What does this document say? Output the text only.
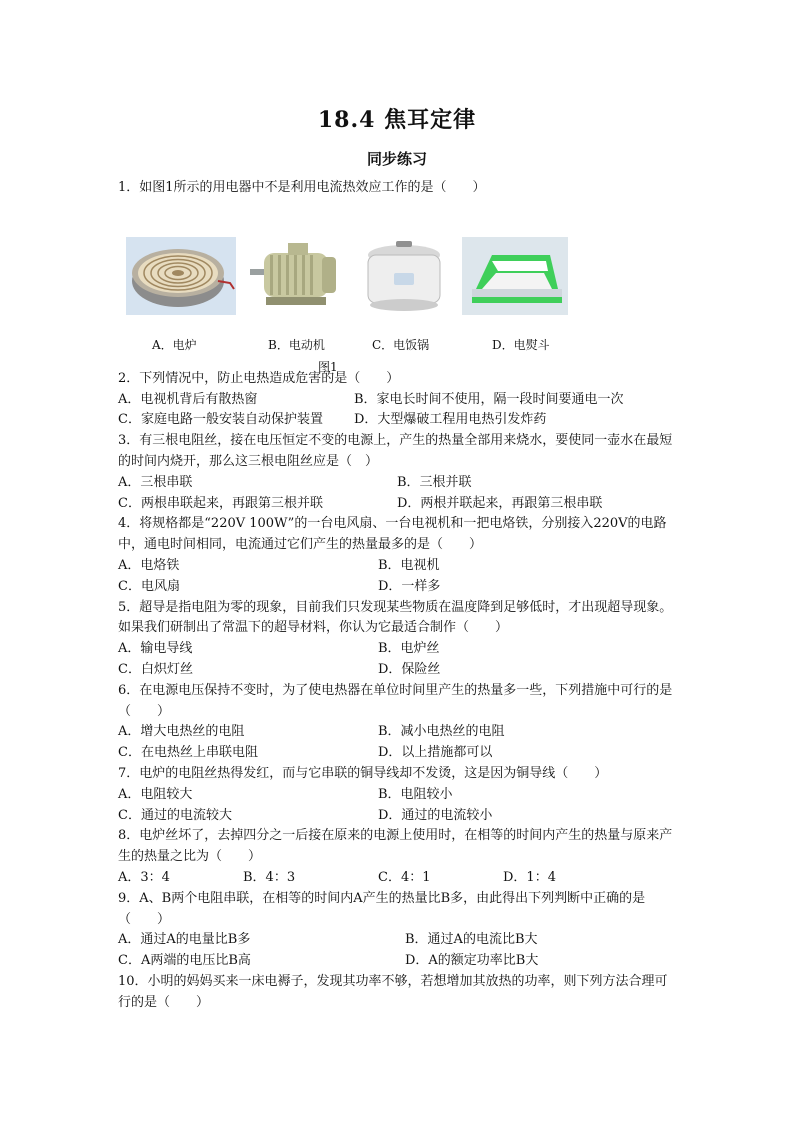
18.4 焦耳定律
同步练习
1．如图1所示的用电器中不是利用电流热效应工作的是（　　）
A．电炉	B．电动机	C．电饭锅	D．电熨斗
图1
2．下列情况中，防止电热造成危害的是（　　）
A．电视机背后有散热窗	B．家电长时间不使用，隔一段时间要通电一次
C．家庭电路一般安装自动保护装置	D．大型爆破工程用电热引发炸药
3．有三根电阻丝，接在电压恒定不变的电源上，产生的热量全部用来烧水，要使同一壶水在最短的时间内烧开，那么这三根电阻丝应是（　）
A．三根串联	B．三根并联
C．两根串联起来，再跟第三根并联	D．两根并联起来，再跟第三根串联
4．将规格都是“220V 100W”的一台电风扇、一台电视机和一把电烙铁，分别接入220V的电路中，通电时间相同，电流通过它们产生的热量最多的是（　　）
A．电烙铁	B．电视机
C．电风扇	D．一样多
5．超导是指电阻为零的现象，目前我们只发现某些物质在温度降到足够低时，才出现超导现象。如果我们研制出了常温下的超导材料，你认为它最适合制作（　　）
A．输电导线	B．电炉丝
C．白炽灯丝	D．保险丝
6．在电源电压保持不变时，为了使电热器在单位时间里产生的热量多一些，下列措施中可行的是（　　）
A．增大电热丝的电阻	B．减小电热丝的电阻
C．在电热丝上串联电阻	D．以上措施都可以
7．电炉的电阻丝热得发红，而与它串联的铜导线却不发烫，这是因为铜导线（　　）
A．电阻较大	B．电阻较小
C．通过的电流较大	D．通过的电流较小
8．电炉丝坏了，去掉四分之一后接在原来的电源上使用时，在相等的时间内产生的热量与原来产生的热量之比为（　　）
A．3：4	B．4：3	C．4：1	D．1：4
9．A、B两个电阻串联，在相等的时间内A产生的热量比B多，由此得出下列判断中正确的是（　　）
A．通过A的电量比B多	B．通过A的电流比B大
C．A两端的电压比B高	D．A的额定功率比B大
10．小明的妈妈买来一床电褥子，发现其功率不够，若想增加其放热的功率，则下列方法合理可行的是（　　）
